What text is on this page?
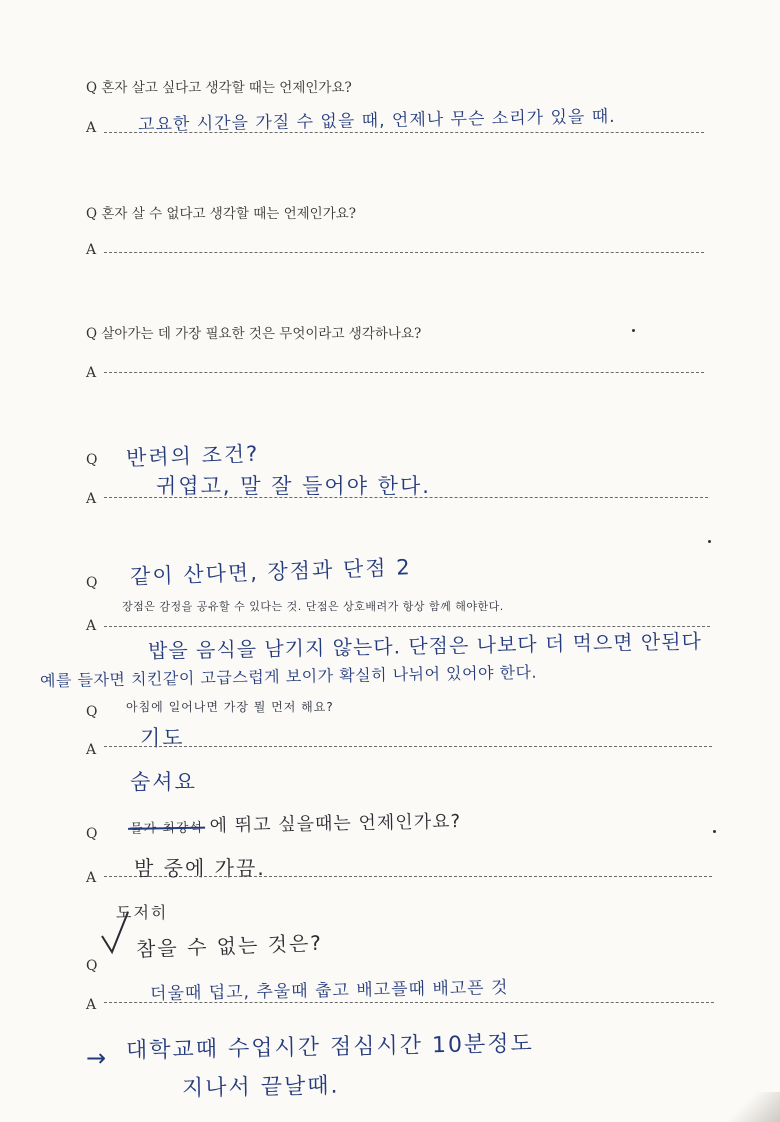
Q 혼자 살고 싶다고 생각할 때는 언제인가요?
A 고요한 시간을 가질 수 없을 때, 언제나 무슨 소리가 있을 때.
Q 혼자 살 수 없다고 생각할 때는 언제인가요?
A
Q 살아가는 데 가장 필요한 것은 무엇이라고 생각하나요?
A
Q 반려의 조건?
A
귀엽고, 말 잘 들어야 한다.
같이 산다면, 장점과 단점 2
Q
장점은 감정을 공유할 수 있다는 것. 단점은 상호배려가 항상 함께 해야한다.
A
밥을 음식을 남기지 않는다. 단점은 나보다 더 먹으면 안된다
예를 들자면 치킨같이 고급스럽게 보이가 확실히 나뉘어 있어야 한다.
Q 아침에 일어나면 가장 뭘 먼저 해요?
A 기도
숨셔요
Q 물가 최강석 에 뛰고 싶을때는 언제인가요?
A 밤 중에 가끔.
도저히
참을 수 없는 것은?
Q
A
더울때 덥고, 추울때 춥고 배고플때 배고픈 것
→ 대학교때 수업시간 점심시간 10분정도
지나서 끝날때.
